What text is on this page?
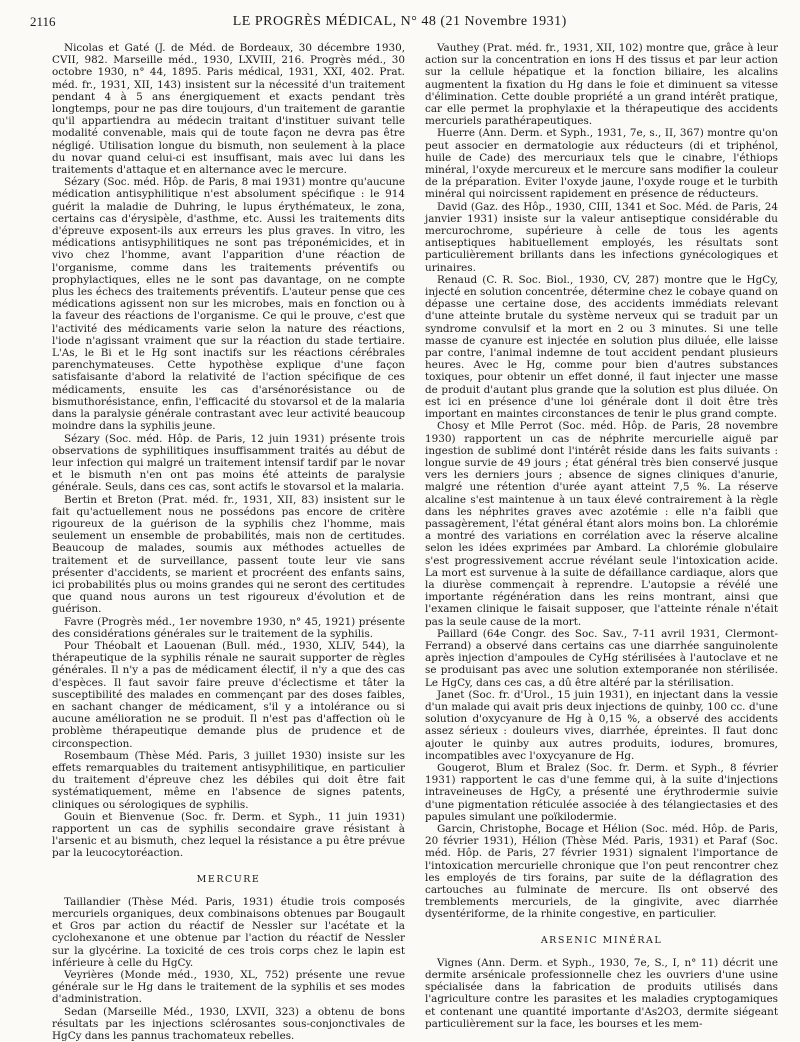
2116	LE PROGRÈS MÉDICAL, N° 48 (21 Novembre 1931)

Nicolas et Gaté (J. de Méd. de Bordeaux, 30 décembre 1930, CVII, 982. Marseille méd., 1930, LXVIII, 216. Progrès méd., 30 octobre 1930, n° 44, 1895. Paris médical, 1931, XXI, 402. Prat. méd. fr., 1931, XII, 143) insistent sur la nécessité d'un traitement pendant 4 à 5 ans énergiquement et exacts pendant très longtemps, pour ne pas dire toujours, d'un traitement de garantie qu'il appartiendra au médecin traitant d'instituer suivant telle modalité convenable, mais qui de toute façon ne devra pas être négligé. Utilisation longue du bismuth, non seulement à la place du novar quand celui-ci est insuffisant, mais avec lui dans les traitements d'attaque et en alternance avec le mercure.

Sézary (Soc. méd. Hôp. de Paris, 8 mai 1931) montre qu'aucune médication antisyphilitique n'est absolument spécifique : le 914 guérit la maladie de Duhring, le lupus érythémateux, le zona, certains cas d'érysipèle, d'asthme, etc. Aussi les traitements dits d'épreuve exposent-ils aux erreurs les plus graves. In vitro, les médications antisyphilitiques ne sont pas tréponémicides, et in vivo chez l'homme, avant l'apparition d'une réaction de l'organisme, comme dans les traitements préventifs ou prophylactiques, elles ne le sont pas davantage, on ne compte plus les échecs des traitements préventifs. L'auteur pense que ces médications agissent non sur les microbes, mais en fonction ou à la faveur des réactions de l'organisme. Ce qui le prouve, c'est que l'activité des médicaments varie selon la nature des réactions, l'iode n'agissant vraiment que sur la réaction du stade tertiaire. L'As, le Bi et le Hg sont inactifs sur les réactions cérébrales parenchymateuses. Cette hypothèse explique d'une façon satisfaisante d'abord la relativité de l'action spécifique de ces médicaments, ensuite les cas d'arsénorésistance ou de bismuthorésistance, enfin, l'efficacité du stovarsol et de la malaria dans la paralysie générale contrastant avec leur activité beaucoup moindre dans la syphilis jeune.

Sézary (Soc. méd. Hôp. de Paris, 12 juin 1931) présente trois observations de syphilitiques insuffisamment traités au début de leur infection qui malgré un traitement intensif tardif par le novar et le bismuth n'en ont pas moins été atteints de paralysie générale. Seuls, dans ces cas, sont actifs le stovarsol et la malaria.

Bertin et Breton (Prat. méd. fr., 1931, XII, 83) insistent sur le fait qu'actuellement nous ne possédons pas encore de critère rigoureux de la guérison de la syphilis chez l'homme, mais seulement un ensemble de probabilités, mais non de certitudes. Beaucoup de malades, soumis aux méthodes actuelles de traitement et de surveillance, passent toute leur vie sans présenter d'accidents, se marient et procréent des enfants sains, ici probabilités plus ou moins grandes qui ne seront des certitudes que quand nous aurons un test rigoureux d'évolution et de guérison.

Favre (Progrès méd., 1er novembre 1930, n° 45, 1921) présente des considérations générales sur le traitement de la syphilis.

Pour Théobalt et Laouenan (Bull. méd., 1930, XLIV, 544), la thérapeutique de la syphilis rénale ne saurait supporter de règles générales. Il n'y a pas de médicament électif, il n'y a que des cas d'espèces. Il faut savoir faire preuve d'éclectisme et tâter la susceptibilité des malades en commençant par des doses faibles, en sachant changer de médicament, s'il y a intolérance ou si aucune amélioration ne se produit. Il n'est pas d'affection où le problème thérapeutique demande plus de prudence et de circonspection.

Rosembaum (Thèse Méd. Paris, 3 juillet 1930) insiste sur les effets remarquables du traitement antisyphilitique, en particulier du traitement d'épreuve chez les débiles qui doit être fait systématiquement, même en l'absence de signes patents, cliniques ou sérologiques de syphilis.

Gouin et Bienvenue (Soc. fr. Derm. et Syph., 11 juin 1931) rapportent un cas de syphilis secondaire grave résistant à l'arsenic et au bismuth, chez lequel la résistance a pu être prévue par la leucocytoréaction.

MERCURE

Taillandier (Thèse Méd. Paris, 1931) étudie trois composés mercuriels organiques, deux combinaisons obtenues par Bougault et Gros par action du réactif de Nessler sur l'acétate et la cyclohexanone et une obtenue par l'action du réactif de Nessler sur la glycérine. La toxicité de ces trois corps chez le lapin est inférieure à celle du HgCy.

Veyrières (Monde méd., 1930, XL, 752) présente une revue générale sur le Hg dans le traitement de la syphilis et ses modes d'administration.

Sedan (Marseille Méd., 1930, LXVII, 323) a obtenu de bons résultats par les injections sclérosantes sous-conjonctivales de HgCy dans les pannus trachomateux rebelles.

Vauthey (Prat. méd. fr., 1931, XII, 102) montre que, grâce à leur action sur la concentration en ions H des tissus et par leur action sur la cellule hépatique et la fonction biliaire, les alcalins augmentent la fixation du Hg dans le foie et diminuent sa vitesse d'élimination. Cette double propriété a un grand intérêt pratique, car elle permet la prophylaxie et la thérapeutique des accidents mercuriels parathérapeutiques.

Huerre (Ann. Derm. et Syph., 1931, 7e, s., II, 367) montre qu'on peut associer en dermatologie aux réducteurs (di et triphénol, huile de Cade) des mercuriaux tels que le cinabre, l'éthiops minéral, l'oxyde mercureux et le mercure sans modifier la couleur de la préparation. Eviter l'oxyde jaune, l'oxyde rouge et le turbith minéral qui noircissent rapidement en présence de réducteurs.

David (Gaz. des Hôp., 1930, CIII, 1341 et Soc. Méd. de Paris, 24 janvier 1931) insiste sur la valeur antiseptique considérable du mercurochrome, supérieure à celle de tous les agents antiseptiques habituellement employés, les résultats sont particulièrement brillants dans les infections gynécologiques et urinaires.

Renaud (C. R. Soc. Biol., 1930, CV, 287) montre que le HgCy, injecté en solution concentrée, détermine chez le cobaye quand on dépasse une certaine dose, des accidents immédiats relevant d'une atteinte brutale du système nerveux qui se traduit par un syndrome convulsif et la mort en 2 ou 3 minutes. Si une telle masse de cyanure est injectée en solution plus diluée, elle laisse par contre, l'animal indemne de tout accident pendant plusieurs heures. Avec le Hg, comme pour bien d'autres substances toxiques, pour obtenir un effet donné, il faut injecter une masse de produit d'autant plus grande que la solution est plus diluée. On est ici en présence d'une loi générale dont il doit être très important en maintes circonstances de tenir le plus grand compte.

Chosy et Mlle Perrot (Soc. méd. Hôp. de Paris, 28 novembre 1930) rapportent un cas de néphrite mercurielle aiguë par ingestion de sublimé dont l'intérêt réside dans les faits suivants : longue survie de 49 jours ; état général très bien conservé jusque vers les derniers jours ; absence de signes cliniques d'anurie, malgré une rétention d'urée ayant atteint 7,5 %. La réserve alcaline s'est maintenue à un taux élevé contrairement à la règle dans les néphrites graves avec azotémie : elle n'a faibli que passagèrement, l'état général étant alors moins bon. La chlorémie a montré des variations en corrélation avec la réserve alcaline selon les idées exprimées par Ambard. La chlorémie globulaire s'est progressivement accrue révélant seule l'intoxication acide. La mort est survenue à la suite de défaillance cardiaque, alors que la diurèse commençait à reprendre. L'autopsie a révélé une importante régénération dans les reins montrant, ainsi que l'examen clinique le faisait supposer, que l'atteinte rénale n'était pas la seule cause de la mort.

Paillard (64e Congr. des Soc. Sav., 7-11 avril 1931, Clermont-Ferrand) a observé dans certains cas une diarrhée sanguinolente après injection d'ampoules de CyHg stérilisées à l'autoclave et ne se produisant pas avec une solution extemporanée non stérilisée. Le HgCy, dans ces cas, a dû être altéré par la stérilisation.

Janet (Soc. fr. d'Urol., 15 juin 1931), en injectant dans la vessie d'un malade qui avait pris deux injections de quinby, 100 cc. d'une solution d'oxycyanure de Hg à 0,15 %, a observé des accidents assez sérieux : douleurs vives, diarrhée, épreintes. Il faut donc ajouter le quinby aux autres produits, iodures, bromures, incompatibles avec l'oxycyanure de Hg.

Gougerot, Blum et Bralez (Soc. fr. Derm. et Syph., 8 février 1931) rapportent le cas d'une femme qui, à la suite d'injections intraveineuses de HgCy, a présenté une érythrodermie suivie d'une pigmentation réticulée associée à des télangiectasies et des papules simulant une poïkilodermie.

Garcin, Christophe, Bocage et Hélion (Soc. méd. Hôp. de Paris, 20 février 1931), Hélion (Thèse Méd. Paris, 1931) et Paraf (Soc. méd. Hôp. de Paris, 27 février 1931) signalent l'importance de l'intoxication mercurielle chronique que l'on peut rencontrer chez les employés de tirs forains, par suite de la déflagration des cartouches au fulminate de mercure. Ils ont observé des tremblements mercuriels, de la gingivite, avec diarrhée dysentériforme, de la rhinite congestive, en particulier.

ARSENIC MINÉRAL

Vignes (Ann. Derm. et Syph., 1930, 7e, S., I, n° 11) décrit une dermite arsénicale professionnelle chez les ouvriers d'une usine spécialisée dans la fabrication de produits utilisés dans l'agriculture contre les parasites et les maladies cryptogamiques et contenant une quantité importante d'As2O3, dermite siégeant particulièrement sur la face, les bourses et les mem-
